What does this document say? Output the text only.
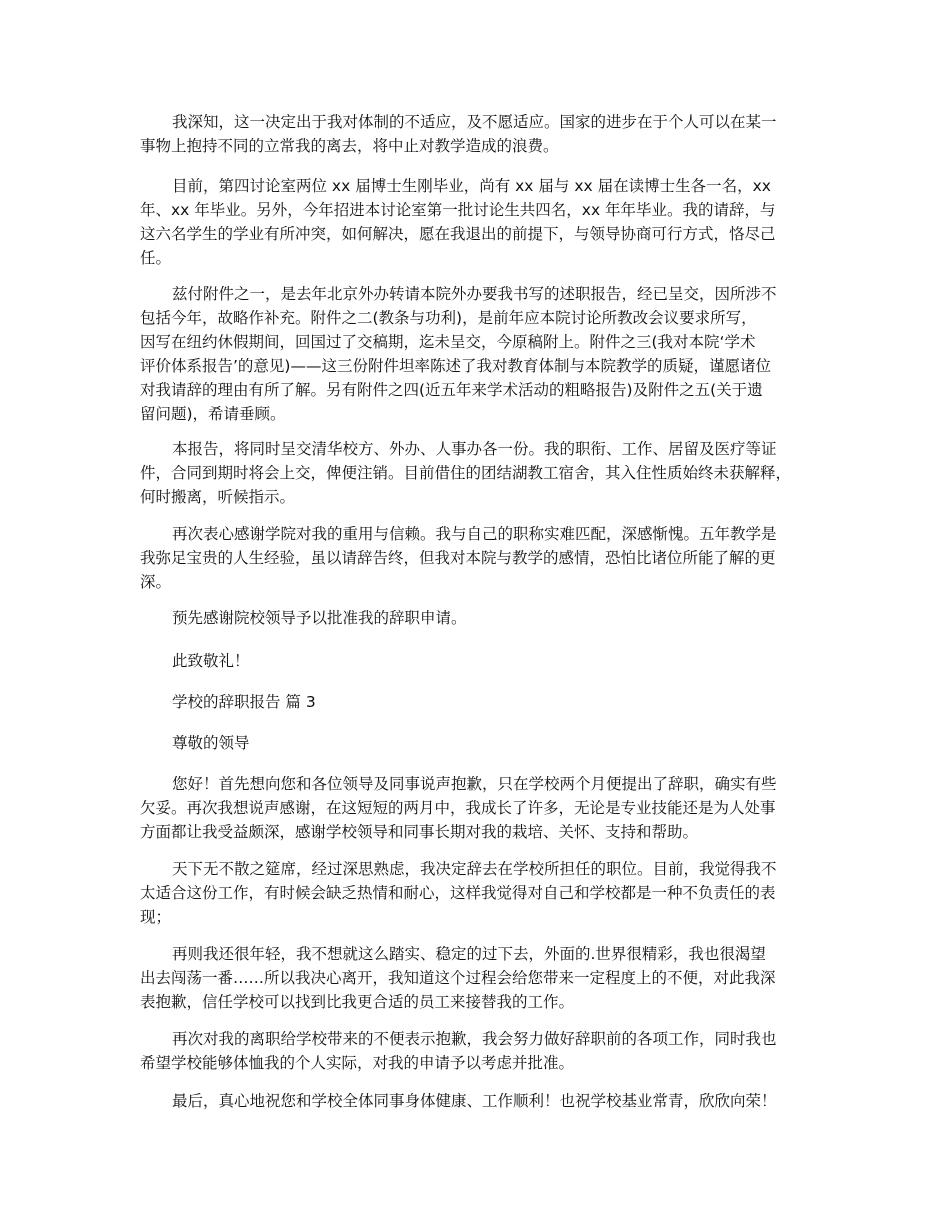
我深知，这一决定出于我对体制的不适应，及不愿适应。国家的进步在于个人可以在某一
事物上抱持不同的立常我的离去，将中止对教学造成的浪费。
目前，第四讨论室两位 xx 届博士生刚毕业，尚有 xx 届与 xx 届在读博士生各一名，xx
年、xx 年毕业。另外，今年招进本讨论室第一批讨论生共四名，xx 年年毕业。我的请辞，与
这六名学生的学业有所冲突，如何解决，愿在我退出的前提下，与领导协商可行方式，恪尽己
任。
兹付附件之一，是去年北京外办转请本院外办要我书写的述职报告，经已呈交，因所涉不
包括今年，故略作补充。附件之二(教条与功利)，是前年应本院讨论所教改会议要求所写，
因写在纽约休假期间，回国过了交稿期，迄未呈交，今原稿附上。附件之三(我对本院‘学术
评价体系报告’的意见)——这三份附件坦率陈述了我对教育体制与本院教学的质疑，谨愿诸位
对我请辞的理由有所了解。另有附件之四(近五年来学术活动的粗略报告)及附件之五(关于遗
留问题)，希请垂顾。
本报告，将同时呈交清华校方、外办、人事办各一份。我的职衔、工作、居留及医疗等证
件，合同到期时将会上交，俾便注销。目前借住的团结湖教工宿舍，其入住性质始终未获解释，
何时搬离，听候指示。
再次表心感谢学院对我的重用与信赖。我与自己的职称实难匹配，深感惭愧。五年教学是
我弥足宝贵的人生经验，虽以请辞告终，但我对本院与教学的感情，恐怕比诸位所能了解的更
深。
预先感谢院校领导予以批准我的辞职申请。
此致敬礼！
学校的辞职报告 篇 3
尊敬的领导
您好！首先想向您和各位领导及同事说声抱歉，只在学校两个月便提出了辞职，确实有些
欠妥。再次我想说声感谢，在这短短的两月中，我成长了许多，无论是专业技能还是为人处事
方面都让我受益颇深，感谢学校领导和同事长期对我的栽培、关怀、支持和帮助。
天下无不散之筵席，经过深思熟虑，我决定辞去在学校所担任的职位。目前，我觉得我不
太适合这份工作，有时候会缺乏热情和耐心，这样我觉得对自己和学校都是一种不负责任的表
现；
再则我还很年轻，我不想就这么踏实、稳定的过下去，外面的.世界很精彩，我也很渴望
出去闯荡一番……所以我决心离开，我知道这个过程会给您带来一定程度上的不便，对此我深
表抱歉，信任学校可以找到比我更合适的员工来接替我的工作。
再次对我的离职给学校带来的不便表示抱歉，我会努力做好辞职前的各项工作，同时我也
希望学校能够体恤我的个人实际，对我的申请予以考虑并批准。
最后，真心地祝您和学校全体同事身体健康、工作顺利！也祝学校基业常青，欣欣向荣！
